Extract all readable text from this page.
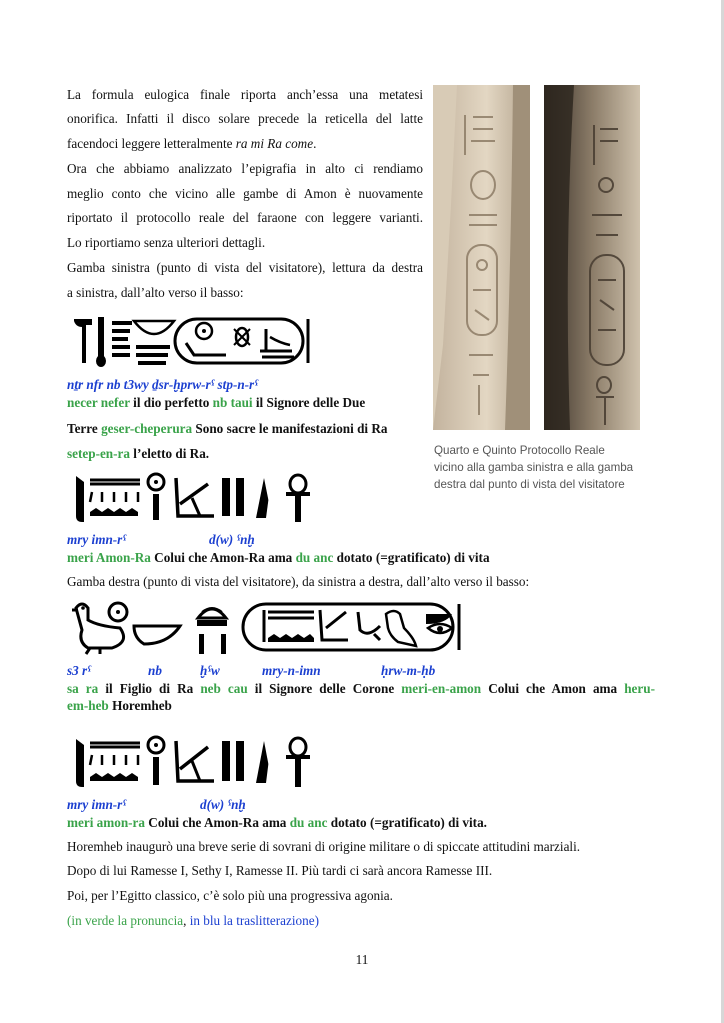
La formula eulogica finale riporta anch’essa una metatesi
onorifica. Infatti il disco solare precede la reticella del latte
facendoci leggere letteralmente ra mi Ra come.
Ora che abbiamo analizzato l’epigrafia in alto ci rendiamo
meglio conto che vicino alle gambe di Amon è nuovamente
riportato il protocollo reale del faraone con leggere varianti.
Lo riportiamo senza ulteriori dettagli.
Gamba sinistra (punto di vista del visitatore), lettura da destra
a sinistra, dall’alto verso il basso:
nṯr nfr nb t3wy ḏsr-ḫprw-rˁ stp-n-rˁ
necer nefer il dio perfetto nb taui il Signore delle Due
Terre geser-cheperura Sono sacre le manifestazioni di Ra
setep-en-ra l’eletto di Ra.
mry imn-rˁ	d(w) ˁnḫ
meri Amon-Ra Colui che Amon-Ra ama du anc dotato (=gratificato) di vita
Gamba destra (punto di vista del visitatore), da sinistra a destra, dall’alto verso il basso:
s3 rˁ	nb	ḫˁw	mry-n-imn	ḥrw-m-ḥb
sa ra il Figlio di Ra neb cau il Signore delle Corone meri-en-amon Colui che Amon ama heru-
em-heb Horemheb
mry imn-rˁ	d(w) ˁnḫ
meri amon-ra Colui che Amon-Ra ama du anc dotato (=gratificato) di vita.
Horemheb inaugurò una breve serie di sovrani di origine militare o di spiccate attitudini marziali.
Dopo di lui Ramesse I, Sethy I, Ramesse II. Più tardi ci sarà ancora Ramesse III.
Poi, per l’Egitto classico, c’è solo più una progressiva agonia.
(in verde la pronuncia, in blu la traslitterazione)
Quarto e Quinto Protocollo Reale
vicino alla gamba sinistra e alla gamba
destra dal punto di vista del visitatore
11
